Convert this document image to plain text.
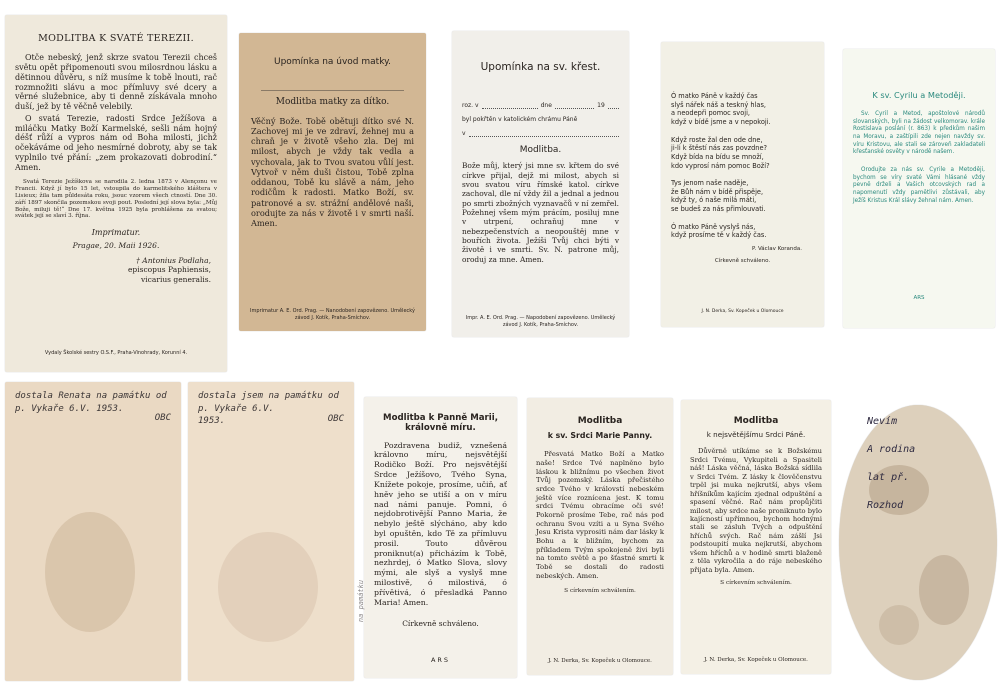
MODLITBA K SVATÉ TEREZII.
Otče nebeský, jenž skrze svatou Terezii chceš světu opět připomenouti svou milosrdnou lásku a dětinnou důvěru, s níž musíme k tobě lnouti, rač rozmnožiti slávu a moc přímluvy své dcery a věrné služebnice, aby ti denně získávala mnoho duší, jež by tě věčně velebily.
O svatá Terezie, radosti Srdce Ježíšova a miláčku Matky Boží Karmelské, sešli nám hojný déšť růží a vypros nám od Boha milosti, jichž očekáváme od jeho nesmírné dobroty, aby se tak vyplnilo tvé přání: „zem prokazovati dobrodiní.“ Amen.
Svatá Terezie Ježíškova se narodila 2. ledna 1873 v Alençonu ve Francii. Když jí bylo 15 let, vstoupila do karmelitského kláštera v Lisieux; žila tam půldesáta roku, jsouc vzorem všech ctností. Dne 30. září 1897 skončila pozemskou svoji pout. Poslední její slova byla: „Můj Bože, miluji tě!“ Dne 17. května 1925 byla prohlášena za svatou; svátek její se slaví 3. října.
Imprimatur.
Pragae, 20. Maii 1926.
† Antonius Podlaha,
episcopus Paphiensis,
vicarius generalis.
Vydaly Školské sestry O.S.F., Praha-Vinohrady, Korunní 4.
Upomínka na úvod matky.
Modlitba matky za dítko.
Věčný Bože. Tobě obětuji dítko své N. Zachovej mi je ve zdraví, žehnej mu a chraň je v životě všeho zla. Dej mi milost, abych je vždy tak vedla a vychovala, jak to Tvou svatou vůlí jest. Vytvoř v něm duši čistou, Tobě zplna oddanou, Tobě ku slávě a nám, jeho rodičům k radosti. Matko Boží, sv. patronové a sv. strážní andělové naši, orodujte za nás v životě i v smrti naší. Amen.
Imprimatur A. E. Ord. Prag. — Nanodobení zapovězeno. Umělecký závod J. Kotík, Praha-Smíchov.
Upomínka na sv. křest.
roz. v	dne	19
byl pokřtěn v katolickém chrámu Páně
v
Modlitba.
Bože můj, který jsi mne sv. křtem do své církve přijal, dejž mi milost, abych si svou svatou víru římské katol. církve zachoval, dle ní vždy žil a jednal a jednou po smrti zbožných vyznavačů v ní zemřel. Požehnej všem mým prácím, posiluj mne v utrpení, ochraňuj mne v nebezpečenstvích a neopouštěj mne v bouřích života. Ježíši Tvůj chci býti v životě i ve smrti. Sv. N. patrone můj, oroduj za mne. Amen.
Impr. A. E. Ord. Prag. — Napodobení zapovězeno. Umělecký závod J. Kotík, Praha-Smíchov.
Ó matko Páně v každý čas
slyš nářek náš a teskný hlas,
a neodepři pomoc svoji,
když v bídě jsme a v nepokoji.

Když roste žal den ode dne,
ji-li k štěstí nás zas povzdne?
Když bída na bídu se množí,
kdo vyprosí nám pomoc Boží?

Tys jenom naše naděje,
že Bůh nám v bídě přispěje,
když ty, ó naše milá máti,
se budeš za nás přimlouvati.

Ó matko Páně vyslyš nás,
když prosíme tě v každý čas.
P. Václav Koranda.
Církevně schváleno.
J. N. Derka, Sv. Kopeček u Olomouce
K sv. Cyrilu a Metoději.
Sv. Cyril a Metod, apoštolové národů slovanských, byli na žádost velkomorav. krále Rostislava poslání (r. 863) k předkům našim na Moravu, a zaštípili zde nejen navždy sv. víru Kristovu, ale stali se zároveň zakladateli křesťanské osvěty v národě našem.
Orodujte za nás sv. Cyrile a Metoději, bychom se víry svaté Vámi hlásané vždy pevně drželi a Vašich otcovských rad a napomenutí vždy pamětlivi zůstávali, aby Ježíš Kristus Král slávy žehnal nám. Amen.
ARS
dostala Renata na památku od p. Vykaře 6.V. 1953.
OBC
dostala jsem na památku od p. Vykaře 6.V.
1953.	OBC
na památku
Modlitba k Panně Marii, královně míru.
Pozdravena budiž, vznešená královno míru, nejsvětější Rodičko Boží. Pro nejsvětější Srdce Ježíšovo, Tvého Syna, Knížete pokoje, prosíme, učiň, ať hněv jeho se utiší a on v míru nad námi panuje. Pomni, ó nejdobrotivější Panno Maria, že nebylo ještě slýcháno, aby kdo byl opuštěn, kdo Tě za přímluvu prosil. Touto důvěrou proniknut(a) přicházím k Tobě, nezhrdej, ó Matko Slova, slovy mými, ale slyš a vyslyš mne milostivě, ó milostivá, ó přívětivá, ó přesladká Panno Maria! Amen.
Církevně schváleno.
ARS
Modlitba
k sv. Srdci Marie Panny.
Přesvatá Matko Boží a Matko naše! Srdce Tvé naplněno bylo láskou k bližnímu po všechen život Tvůj pozemský. Láska přečistého srdce Tvého v královstí nebeském ještě více roznícena jest. K tomu srdci Tvému obracíme oči své! Pokorně prosíme Tebe, rač nás pod ochranu Svou vzíti a u Syna Svého Jesu Krista vyprositi nám dar lásky k Bohu a k bližním, bychom za příkladem Tvým spokojeně živi byli na tomto světě a po šťastné smrti k Tobě se dostali do radosti nebeských. Amen.
S církevním schválením.
J. N. Derka, Sv. Kopeček u Olomouce.
Modlitba
k nejsvětějšímu Srdci Páně.
Důvěrně utíkáme se k Božskému Srdci Tvému, Vykupiteli a Spasiteli náš! Láska věčná, láska Božská sídlila v Srdci Tvém. Z lásky k člověčenstvu trpěl jsi muka nejkrutší, abys všem hříšníkům kajícím zjednal odpuštění a spasení věčné. Rač nám propůjčiti milost, aby srdce naše proniknuto bylo kajícností upřímnou, bychom hodnými stali se zásluh Tvých a odpuštění hříchů svých. Rač nám zášlí Jsi podstoupití muka nejkrutší, abychom všem hříchů a v hodině smrti blaženě z těla vykročila a do ráje nebeského přijata byla. Amen.
S církevním schválením.
J. N. Derka, Sv. Kopeček u Olomouce.
Nevím

A rodina

lat př.

Rozhod
